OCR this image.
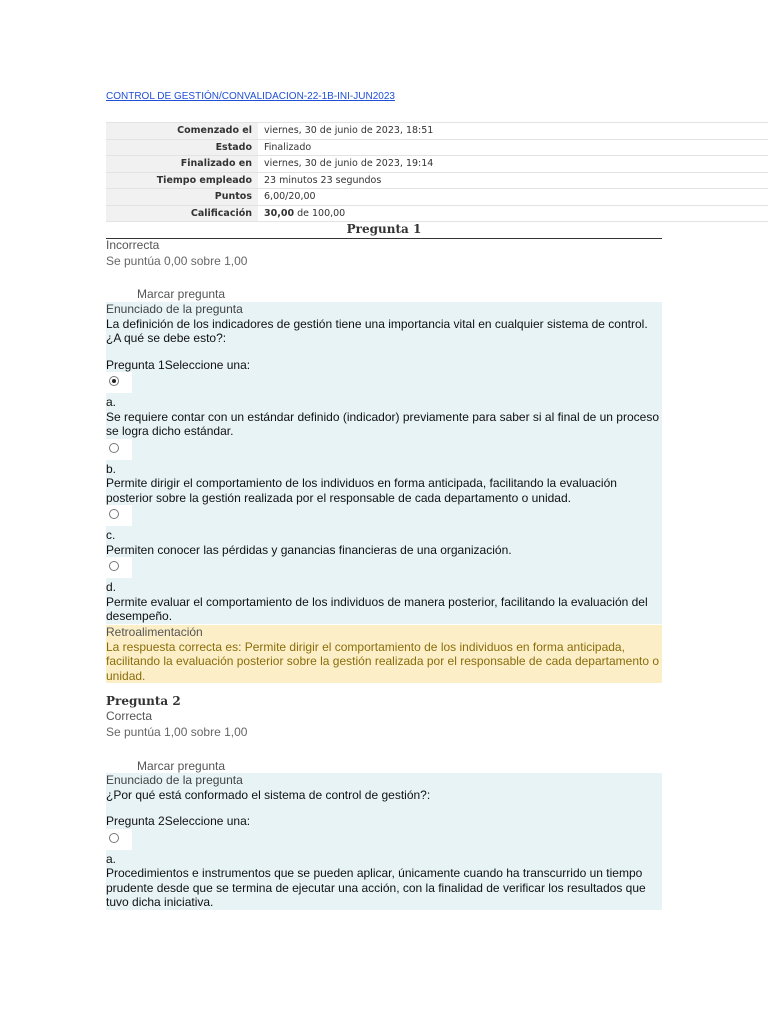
CONTROL DE GESTIÓN/CONVALIDACION-22-1B-INI-JUN2023
Comenzado el	viernes, 30 de junio de 2023, 18:51
Estado	Finalizado
Finalizado en	viernes, 30 de junio de 2023, 19:14
Tiempo empleado	23 minutos 23 segundos
Puntos	6,00/20,00
Calificación	30,00 de 100,00
Pregunta 1
Incorrecta
Se puntúa 0,00 sobre 1,00
Marcar pregunta
Enunciado de la pregunta

La definición de los indicadores de gestión tiene una importancia vital en cualquier sistema de control. ¿A qué se debe esto?:

Pregunta 1Seleccione una:

a.

Se requiere contar con un estándar definido (indicador) previamente para saber si al final de un proceso se logra dicho estándar.

b.

Permite dirigir el comportamiento de los individuos en forma anticipada, facilitando la evaluación posterior sobre la gestión realizada por el responsable de cada departamento o unidad.

c.

Permiten conocer las pérdidas y ganancias financieras de una organización.

d.

Permite evaluar el comportamiento de los individuos de manera posterior, facilitando la evaluación del desempeño.

Retroalimentación
La respuesta correcta es: Permite dirigir el comportamiento de los individuos en forma anticipada, facilitando la evaluación posterior sobre la gestión realizada por el responsable de cada departamento o unidad.
Pregunta 2
Correcta
Se puntúa 1,00 sobre 1,00
Marcar pregunta
Enunciado de la pregunta

¿Por qué está conformado el sistema de control de gestión?:

Pregunta 2Seleccione una:

a.

Procedimientos e instrumentos que se pueden aplicar, únicamente cuando ha transcurrido un tiempo prudente desde que se termina de ejecutar una acción, con la finalidad de verificar los resultados que tuvo dicha iniciativa.
